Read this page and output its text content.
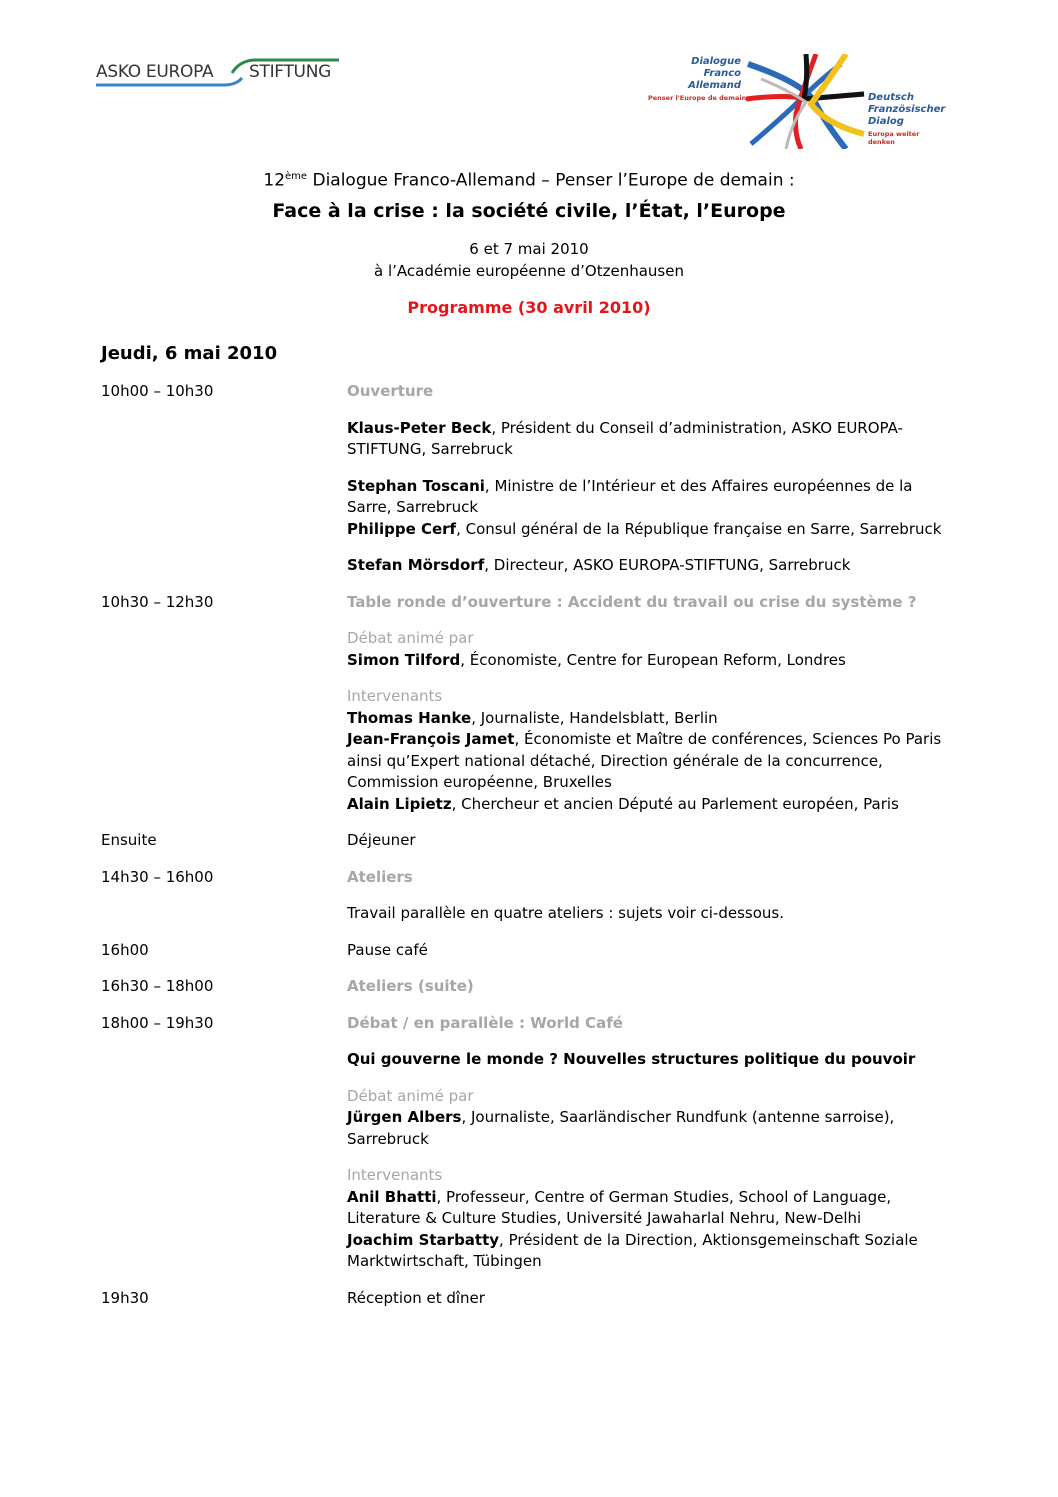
ASKO EUROPA STIFTUNG
Dialogue
Franco
Allemand
Penser l'Europe de demain	Deutsch
Französischer
Dialog
Europa weiter denken
12ème Dialogue Franco-Allemand – Penser l’Europe de demain :
Face à la crise : la société civile, l’État, l’Europe
6 et 7 mai 2010
à l’Académie européenne d’Otzenhausen
Programme (30 avril 2010)
Jeudi, 6 mai 2010
10h00 – 10h30	Ouverture
Klaus-Peter Beck, Président du Conseil d’administration, ASKO EUROPA-STIFTUNG, Sarrebruck
Stephan Toscani, Ministre de l’Intérieur et des Affaires européennes de la Sarre, Sarrebruck
Philippe Cerf, Consul général de la République française en Sarre, Sarrebruck
Stefan Mörsdorf, Directeur, ASKO EUROPA-STIFTUNG, Sarrebruck
10h30 – 12h30	Table ronde d’ouverture : Accident du travail ou crise du système ?
Débat animé par
Simon Tilford, Économiste, Centre for European Reform, Londres
Intervenants
Thomas Hanke, Journaliste, Handelsblatt, Berlin
Jean-François Jamet, Économiste et Maître de conférences, Sciences Po Paris ainsi qu’Expert national détaché, Direction générale de la concurrence, Commission européenne, Bruxelles
Alain Lipietz, Chercheur et ancien Député au Parlement européen, Paris
Ensuite	Déjeuner
14h30 – 16h00	Ateliers
Travail parallèle en quatre ateliers : sujets voir ci-dessous.
16h00	Pause café
16h30 – 18h00	Ateliers (suite)
18h00 – 19h30	Débat / en parallèle : World Café
Qui gouverne le monde ? Nouvelles structures politique du pouvoir
Débat animé par
Jürgen Albers, Journaliste, Saarländischer Rundfunk (antenne sarroise), Sarrebruck
Intervenants
Anil Bhatti, Professeur, Centre of German Studies, School of Language, Literature & Culture Studies, Université Jawaharlal Nehru, New-Delhi
Joachim Starbatty, Président de la Direction, Aktionsgemeinschaft Soziale Marktwirtschaft, Tübingen
19h30	Réception et dîner
